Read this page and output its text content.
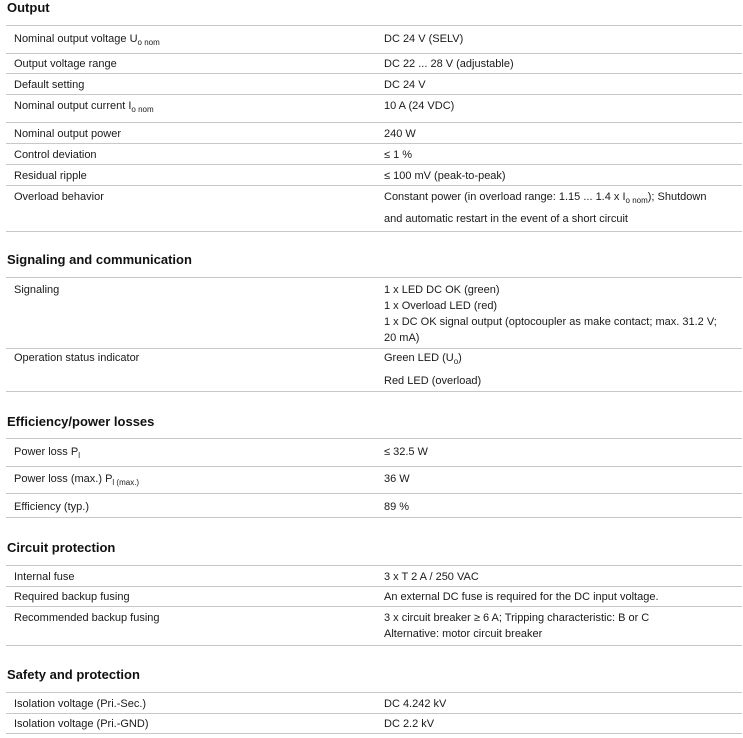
Output
Nominal output voltage $U_{o nom}$	DC 24 V (SELV)
Output voltage range	DC 22 ... 28 V (adjustable)
Default setting	DC 24 V
Nominal output current $I_{o nom}$	10 A (24 VDC)
Nominal output power	240 W
Control deviation	≤ 1 %
Residual ripple	≤ 100 mV (peak-to-peak)
Overload behavior	Constant power (in overload range: 1.15 ... 1.4 x $I_{o nom}$); Shutdown
and automatic restart in the event of a short circuit
Signaling and communication
Signaling	1 x LED DC OK (green)
1 x Overload LED (red)
1 x DC OK signal output (optocoupler as make contact; max. 31.2 V;
20 mA)
Operation status indicator	Green LED $(U_o)$
Red LED (overload)
Efficiency/power losses
Power loss $P_l$	≤ 32.5 W
Power loss (max.) $P_{l (max.)}$	36 W
Efficiency (typ.)	89 %
Circuit protection
Internal fuse	3 x T 2 A / 250 VAC
Required backup fusing	An external DC fuse is required for the DC input voltage.
Recommended backup fusing	3 x circuit breaker ≥ 6 A; Tripping characteristic: B or C
Alternative: motor circuit breaker
Safety and protection
Isolation voltage (Pri.-Sec.)	DC 4.242 kV
Isolation voltage (Pri.-GND)	DC 2.2 kV
